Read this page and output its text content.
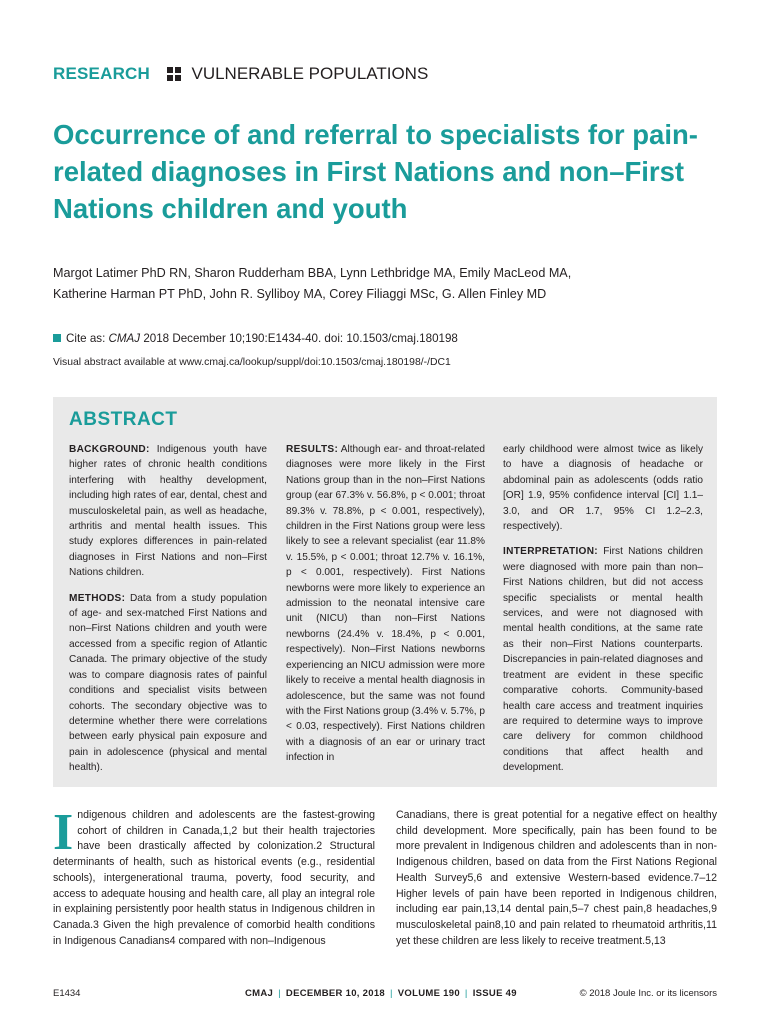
RESEARCH VULNERABLE POPULATIONS
Occurrence of and referral to specialists for pain-related diagnoses in First Nations and non–First Nations children and youth
Margot Latimer PhD RN, Sharon Rudderham BBA, Lynn Lethbridge MA, Emily MacLeod MA,
Katherine Harman PT PhD, John R. Sylliboy MA, Corey Filiaggi MSc, G. Allen Finley MD
Cite as: CMAJ 2018 December 10;190:E1434-40. doi: 10.1503/cmaj.180198
Visual abstract available at www.cmaj.ca/lookup/suppl/doi:10.1503/cmaj.180198/-/DC1
ABSTRACT

BACKGROUND: Indigenous youth have higher rates of chronic health conditions interfering with healthy development, including high rates of ear, dental, chest and musculoskeletal pain, as well as headache, arthritis and mental health issues. This study explores differences in pain-related diagnoses in First Nations and non–First Nations children.

METHODS: Data from a study population of age- and sex-matched First Nations and non–First Nations children and youth were accessed from a specific region of Atlantic Canada. The primary objective of the study was to compare diagnosis rates of painful conditions and specialist visits between cohorts. The secondary objective was to determine whether there were correlations between early physical pain exposure and pain in adolescence (physical and mental health).

RESULTS: Although ear- and throat-related diagnoses were more likely in the First Nations group than in the non–First Nations group (ear 67.3% v. 56.8%, p < 0.001; throat 89.3% v. 78.8%, p < 0.001, respectively), children in the First Nations group were less likely to see a relevant specialist (ear 11.8% v. 15.5%, p < 0.001; throat 12.7% v. 16.1%, p < 0.001, respectively). First Nations newborns were more likely to experience an admission to the neonatal intensive care unit (NICU) than non–First Nations newborns (24.4% v. 18.4%, p < 0.001, respectively). Non–First Nations newborns experiencing an NICU admission were more likely to receive a mental health diagnosis in adolescence, but the same was not found with the First Nations group (3.4% v. 5.7%, p < 0.03, respectively). First Nations children with a diagnosis of an ear or urinary tract infection in

early childhood were almost twice as likely to have a diagnosis of headache or abdominal pain as adolescents (odds ratio [OR] 1.9, 95% confidence interval [CI] 1.1–3.0, and OR 1.7, 95% CI 1.2–2.3, respectively).

INTERPRETATION: First Nations children were diagnosed with more pain than non–First Nations children, but did not access specific specialists or mental health services, and were not diagnosed with mental health conditions, at the same rate as their non–First Nations counterparts. Discrepancies in pain-related diagnoses and treatment are evident in these specific comparative cohorts. Community-based health care access and treatment inquiries are required to determine ways to improve care delivery for common childhood conditions that affect health and development.

I ndigenous children and adolescents are the fastest-growing cohort of children in Canada,1,2 but their health trajectories have been drastically affected by colonization.2 Structural determinants of health, such as historical events (e.g., residential schools), intergenerational trauma, poverty, food security, and access to adequate housing and health care, all play an integral role in explaining persistently poor health status in Indigenous children in Canada.3 Given the high prevalence of comorbid health conditions in Indigenous Canadians4 compared with non–Indigenous

Canadians, there is great potential for a negative effect on healthy child development. More specifically, pain has been found to be more prevalent in Indigenous children and adolescents than in non-Indigenous children, based on data from the First Nations Regional Health Survey5,6 and extensive Western-based evidence.7–12 Higher levels of pain have been reported in Indigenous children, including ear pain,13,14 dental pain,5–7 chest pain,8 headaches,9 musculoskeletal pain8,10 and pain related to rheumatoid arthritis,11 yet these children are less likely to receive treatment.5,13

E1434	CMAJ | DECEMBER 10, 2018 | VOLUME 190 | ISSUE 49	© 2018 Joule Inc. or its licensors
